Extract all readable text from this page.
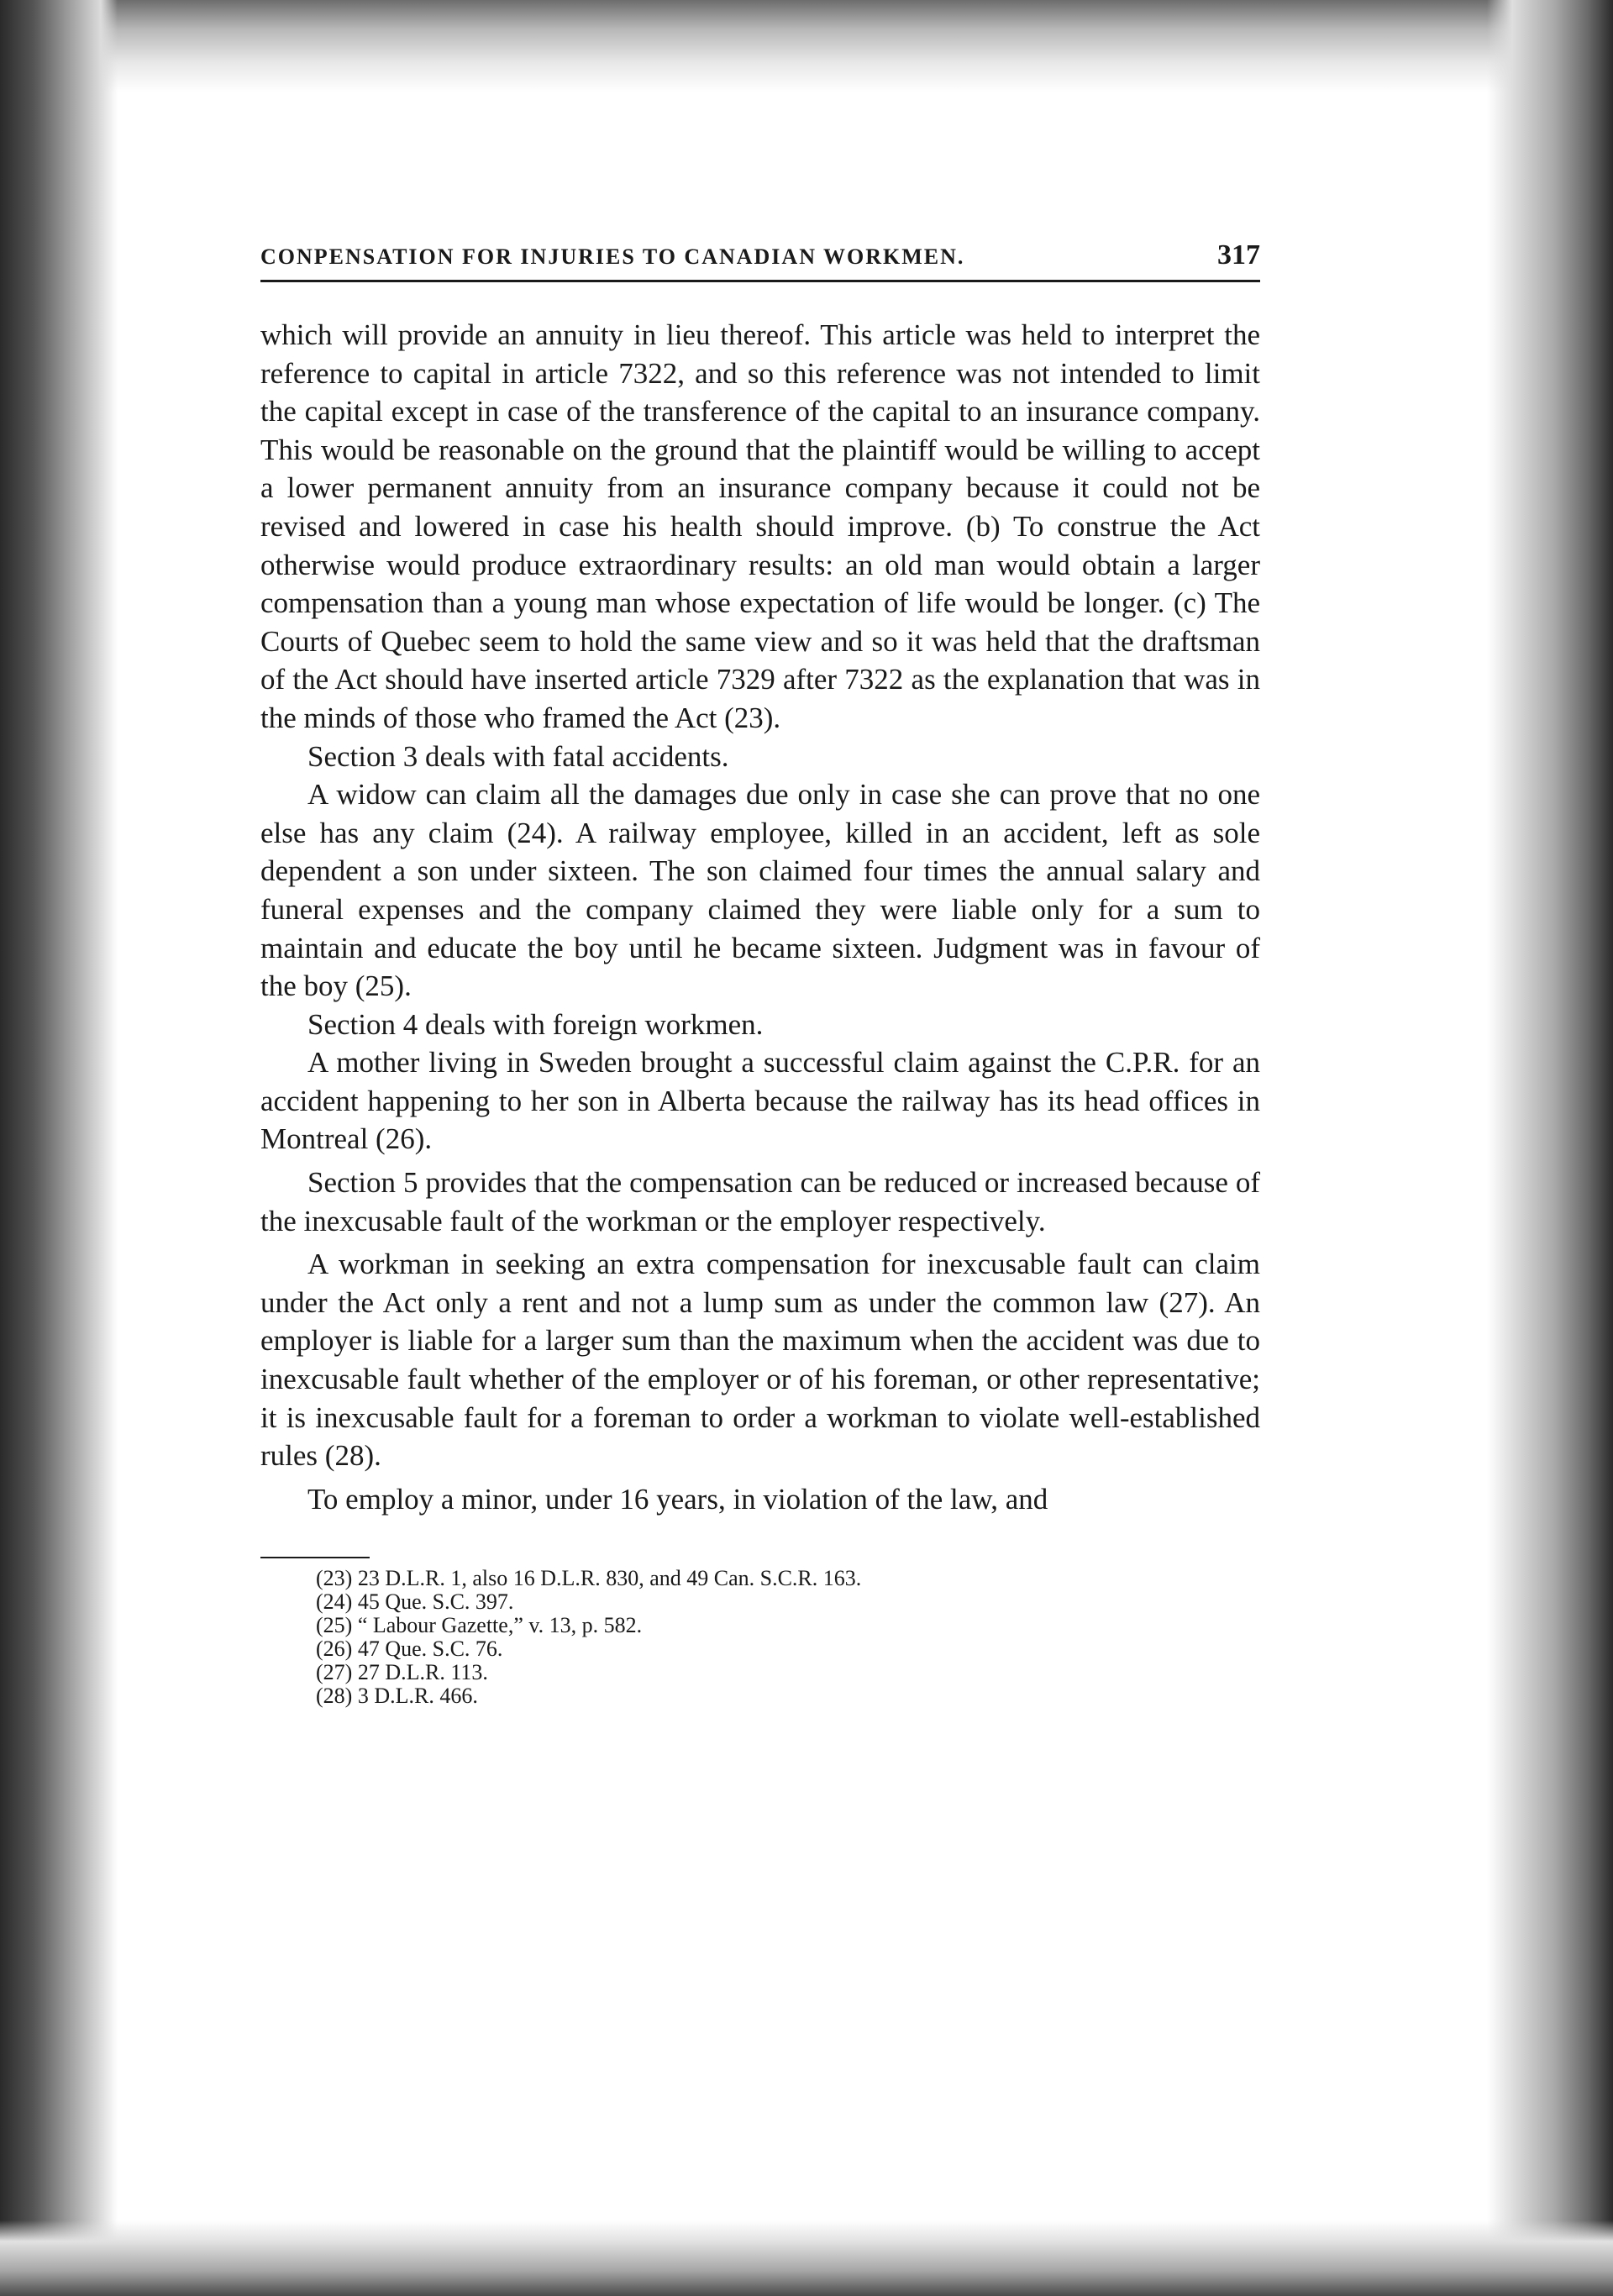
CONPENSATION FOR INJURIES TO CANADIAN WORKMEN.	317

which will provide an annuity in lieu thereof. This article was held to interpret the reference to capital in article 7322, and so this reference was not intended to limit the capital except in case of the transference of the capital to an insurance company. This would be reasonable on the ground that the plaintiff would be willing to accept a lower permanent annuity from an insurance company because it could not be revised and lowered in case his health should improve. (b) To construe the Act otherwise would produce extraordinary results: an old man would obtain a larger compensation than a young man whose expectation of life would be longer. (c) The Courts of Quebec seem to hold the same view and so it was held that the draftsman of the Act should have inserted article 7329 after 7322 as the explanation that was in the minds of those who framed the Act (23).

Section 3 deals with fatal accidents.

A widow can claim all the damages due only in case she can prove that no one else has any claim (24). A railway employee, killed in an accident, left as sole dependent a son under sixteen. The son claimed four times the annual salary and funeral expenses and the company claimed they were liable only for a sum to maintain and educate the boy until he became sixteen. Judgment was in favour of the boy (25).

Section 4 deals with foreign workmen.

A mother living in Sweden brought a successful claim against the C.P.R. for an accident happening to her son in Alberta because the railway has its head offices in Montreal (26).

Section 5 provides that the compensation can be reduced or increased because of the inexcusable fault of the workman or the employer respectively.

A workman in seeking an extra compensation for inexcusable fault can claim under the Act only a rent and not a lump sum as under the common law (27). An employer is liable for a larger sum than the maximum when the accident was due to inexcusable fault whether of the employer or of his foreman, or other representative; it is inexcusable fault for a foreman to order a workman to violate well-established rules (28).

To employ a minor, under 16 years, in violation of the law, and

(23) 23 D.L.R. 1, also 16 D.L.R. 830, and 49 Can. S.C.R. 163.
(24) 45 Que. S.C. 397.
(25) “ Labour Gazette,” v. 13, p. 582.
(26) 47 Que. S.C. 76.
(27) 27 D.L.R. 113.
(28) 3 D.L.R. 466.
